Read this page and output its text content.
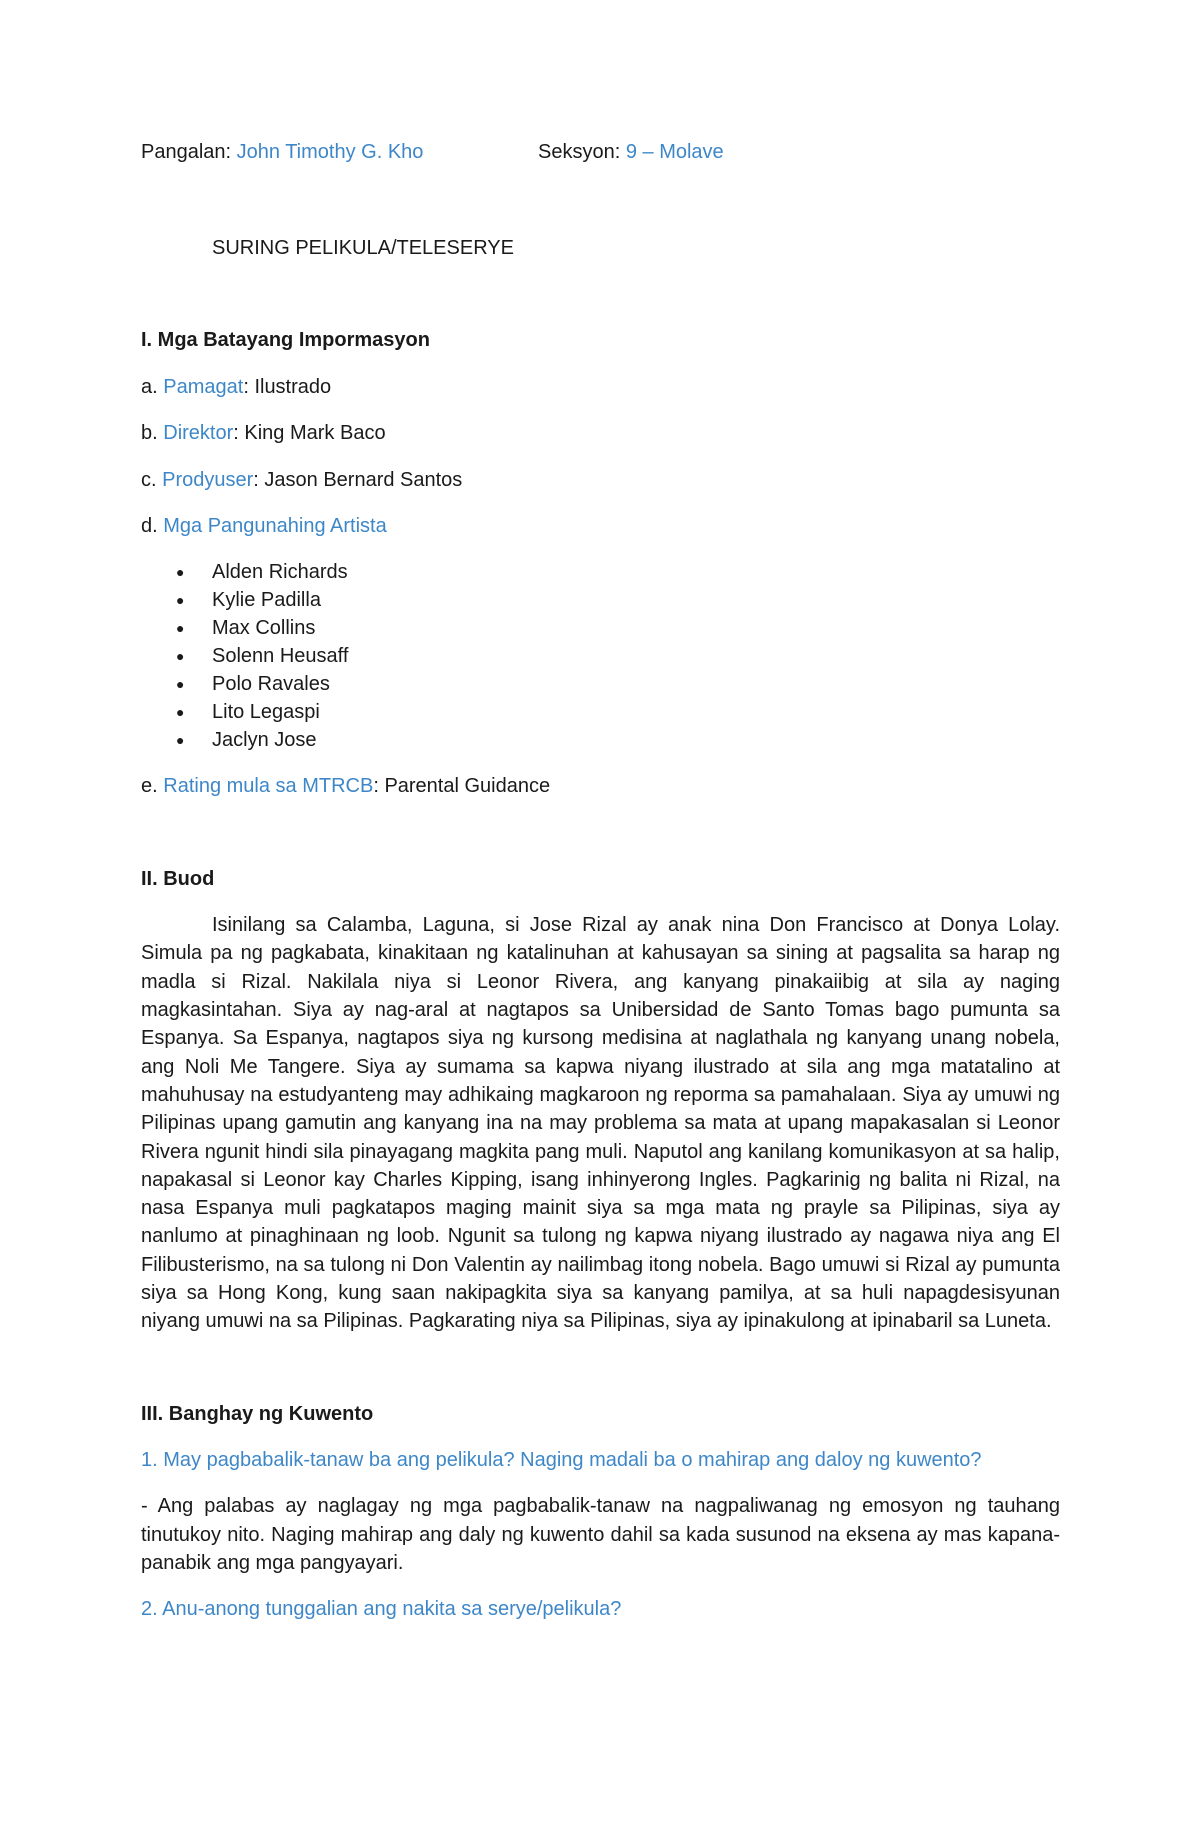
Pangalan: John Timothy G. Kho	Seksyon: 9 – Molave

SURING PELIKULA/TELESERYE

I. Mga Batayang Impormasyon

a. Pamagat: Ilustrado

b. Direktor: King Mark Baco

c. Prodyuser: Jason Bernard Santos

d. Mga Pangunahing Artista

● Alden Richards
● Kylie Padilla
● Max Collins
● Solenn Heusaff
● Polo Ravales
● Lito Legaspi
● Jaclyn Jose

e. Rating mula sa MTRCB: Parental Guidance

II. Buod

Isinilang sa Calamba, Laguna, si Jose Rizal ay anak nina Don Francisco at Donya Lolay. Simula pa ng pagkabata, kinakitaan ng katalinuhan at kahusayan sa sining at pagsalita sa harap ng madla si Rizal. Nakilala niya si Leonor Rivera, ang kanyang pinakaiibig at sila ay naging magkasintahan. Siya ay nag-aral at nagtapos sa Unibersidad de Santo Tomas bago pumunta sa Espanya. Sa Espanya, nagtapos siya ng kursong medisina at naglathala ng kanyang unang nobela, ang Noli Me Tangere. Siya ay sumama sa kapwa niyang ilustrado at sila ang mga matatalino at mahuhusay na estudyanteng may adhikaing magkaroon ng reporma sa pamahalaan. Siya ay umuwi ng Pilipinas upang gamutin ang kanyang ina na may problema sa mata at upang mapakasalan si Leonor Rivera ngunit hindi sila pinayagang magkita pang muli. Naputol ang kanilang komunikasyon at sa halip, napakasal si Leonor kay Charles Kipping, isang inhinyerong Ingles. Pagkarinig ng balita ni Rizal, na nasa Espanya muli pagkatapos maging mainit siya sa mga mata ng prayle sa Pilipinas, siya ay nanlumo at pinaghinaan ng loob. Ngunit sa tulong ng kapwa niyang ilustrado ay nagawa niya ang El Filibusterismo, na sa tulong ni Don Valentin ay nailimbag itong nobela. Bago umuwi si Rizal ay pumunta siya sa Hong Kong, kung saan nakipagkita siya sa kanyang pamilya, at sa huli napagdesisyunan niyang umuwi na sa Pilipinas. Pagkarating niya sa Pilipinas, siya ay ipinakulong at ipinabaril sa Luneta.

III. Banghay ng Kuwento

1. May pagbabalik-tanaw ba ang pelikula? Naging madali ba o mahirap ang daloy ng kuwento?

- Ang palabas ay naglagay ng mga pagbabalik-tanaw na nagpaliwanag ng emosyon ng tauhang tinutukoy nito. Naging mahirap ang daly ng kuwento dahil sa kada susunod na eksena ay mas kapana-panabik ang mga pangyayari.

2. Anu-anong tunggalian ang nakita sa serye/pelikula?
